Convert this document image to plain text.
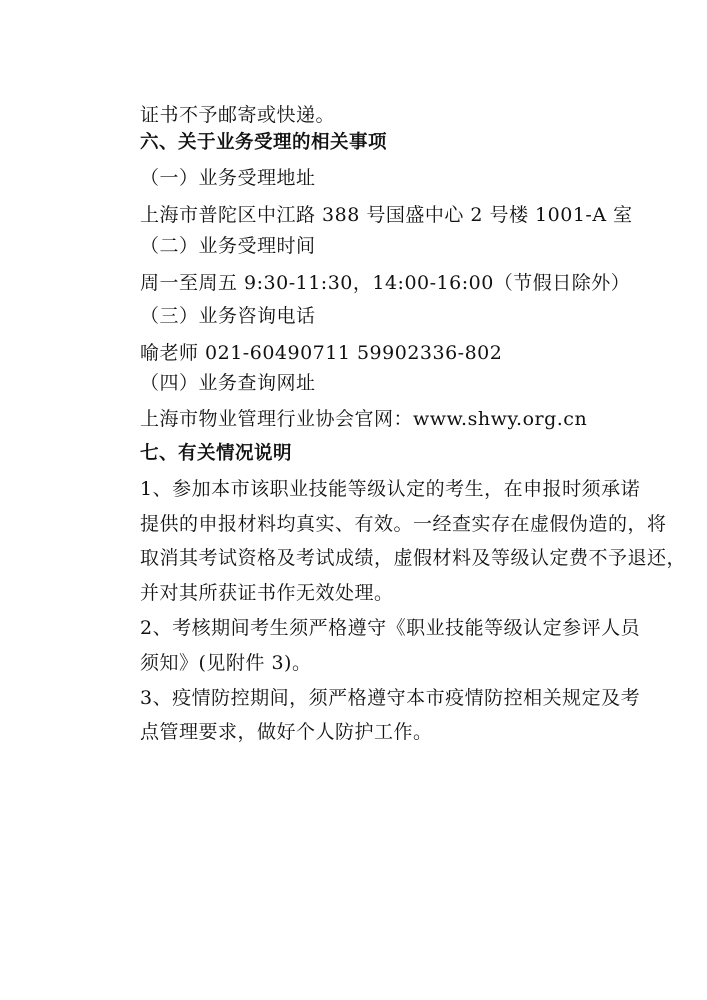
证书不予邮寄或快递。
六、关于业务受理的相关事项
（一）业务受理地址
上海市普陀区中江路 388 号国盛中心 2 号楼 1001-A 室
（二）业务受理时间
周一至周五 9:30-11:30，14:00-16:00（节假日除外）
（三）业务咨询电话
喻老师 021-60490711 59902336-802
（四）业务查询网址
上海市物业管理行业协会官网：www.shwy.org.cn
七、有关情况说明
1、参加本市该职业技能等级认定的考生，在申报时须承诺
提供的申报材料均真实、有效。一经查实存在虚假伪造的，将
取消其考试资格及考试成绩，虚假材料及等级认定费不予退还，
并对其所获证书作无效处理。
2、考核期间考生须严格遵守《职业技能等级认定参评人员
须知》(见附件 3)。
3、疫情防控期间，须严格遵守本市疫情防控相关规定及考
点管理要求，做好个人防护工作。
